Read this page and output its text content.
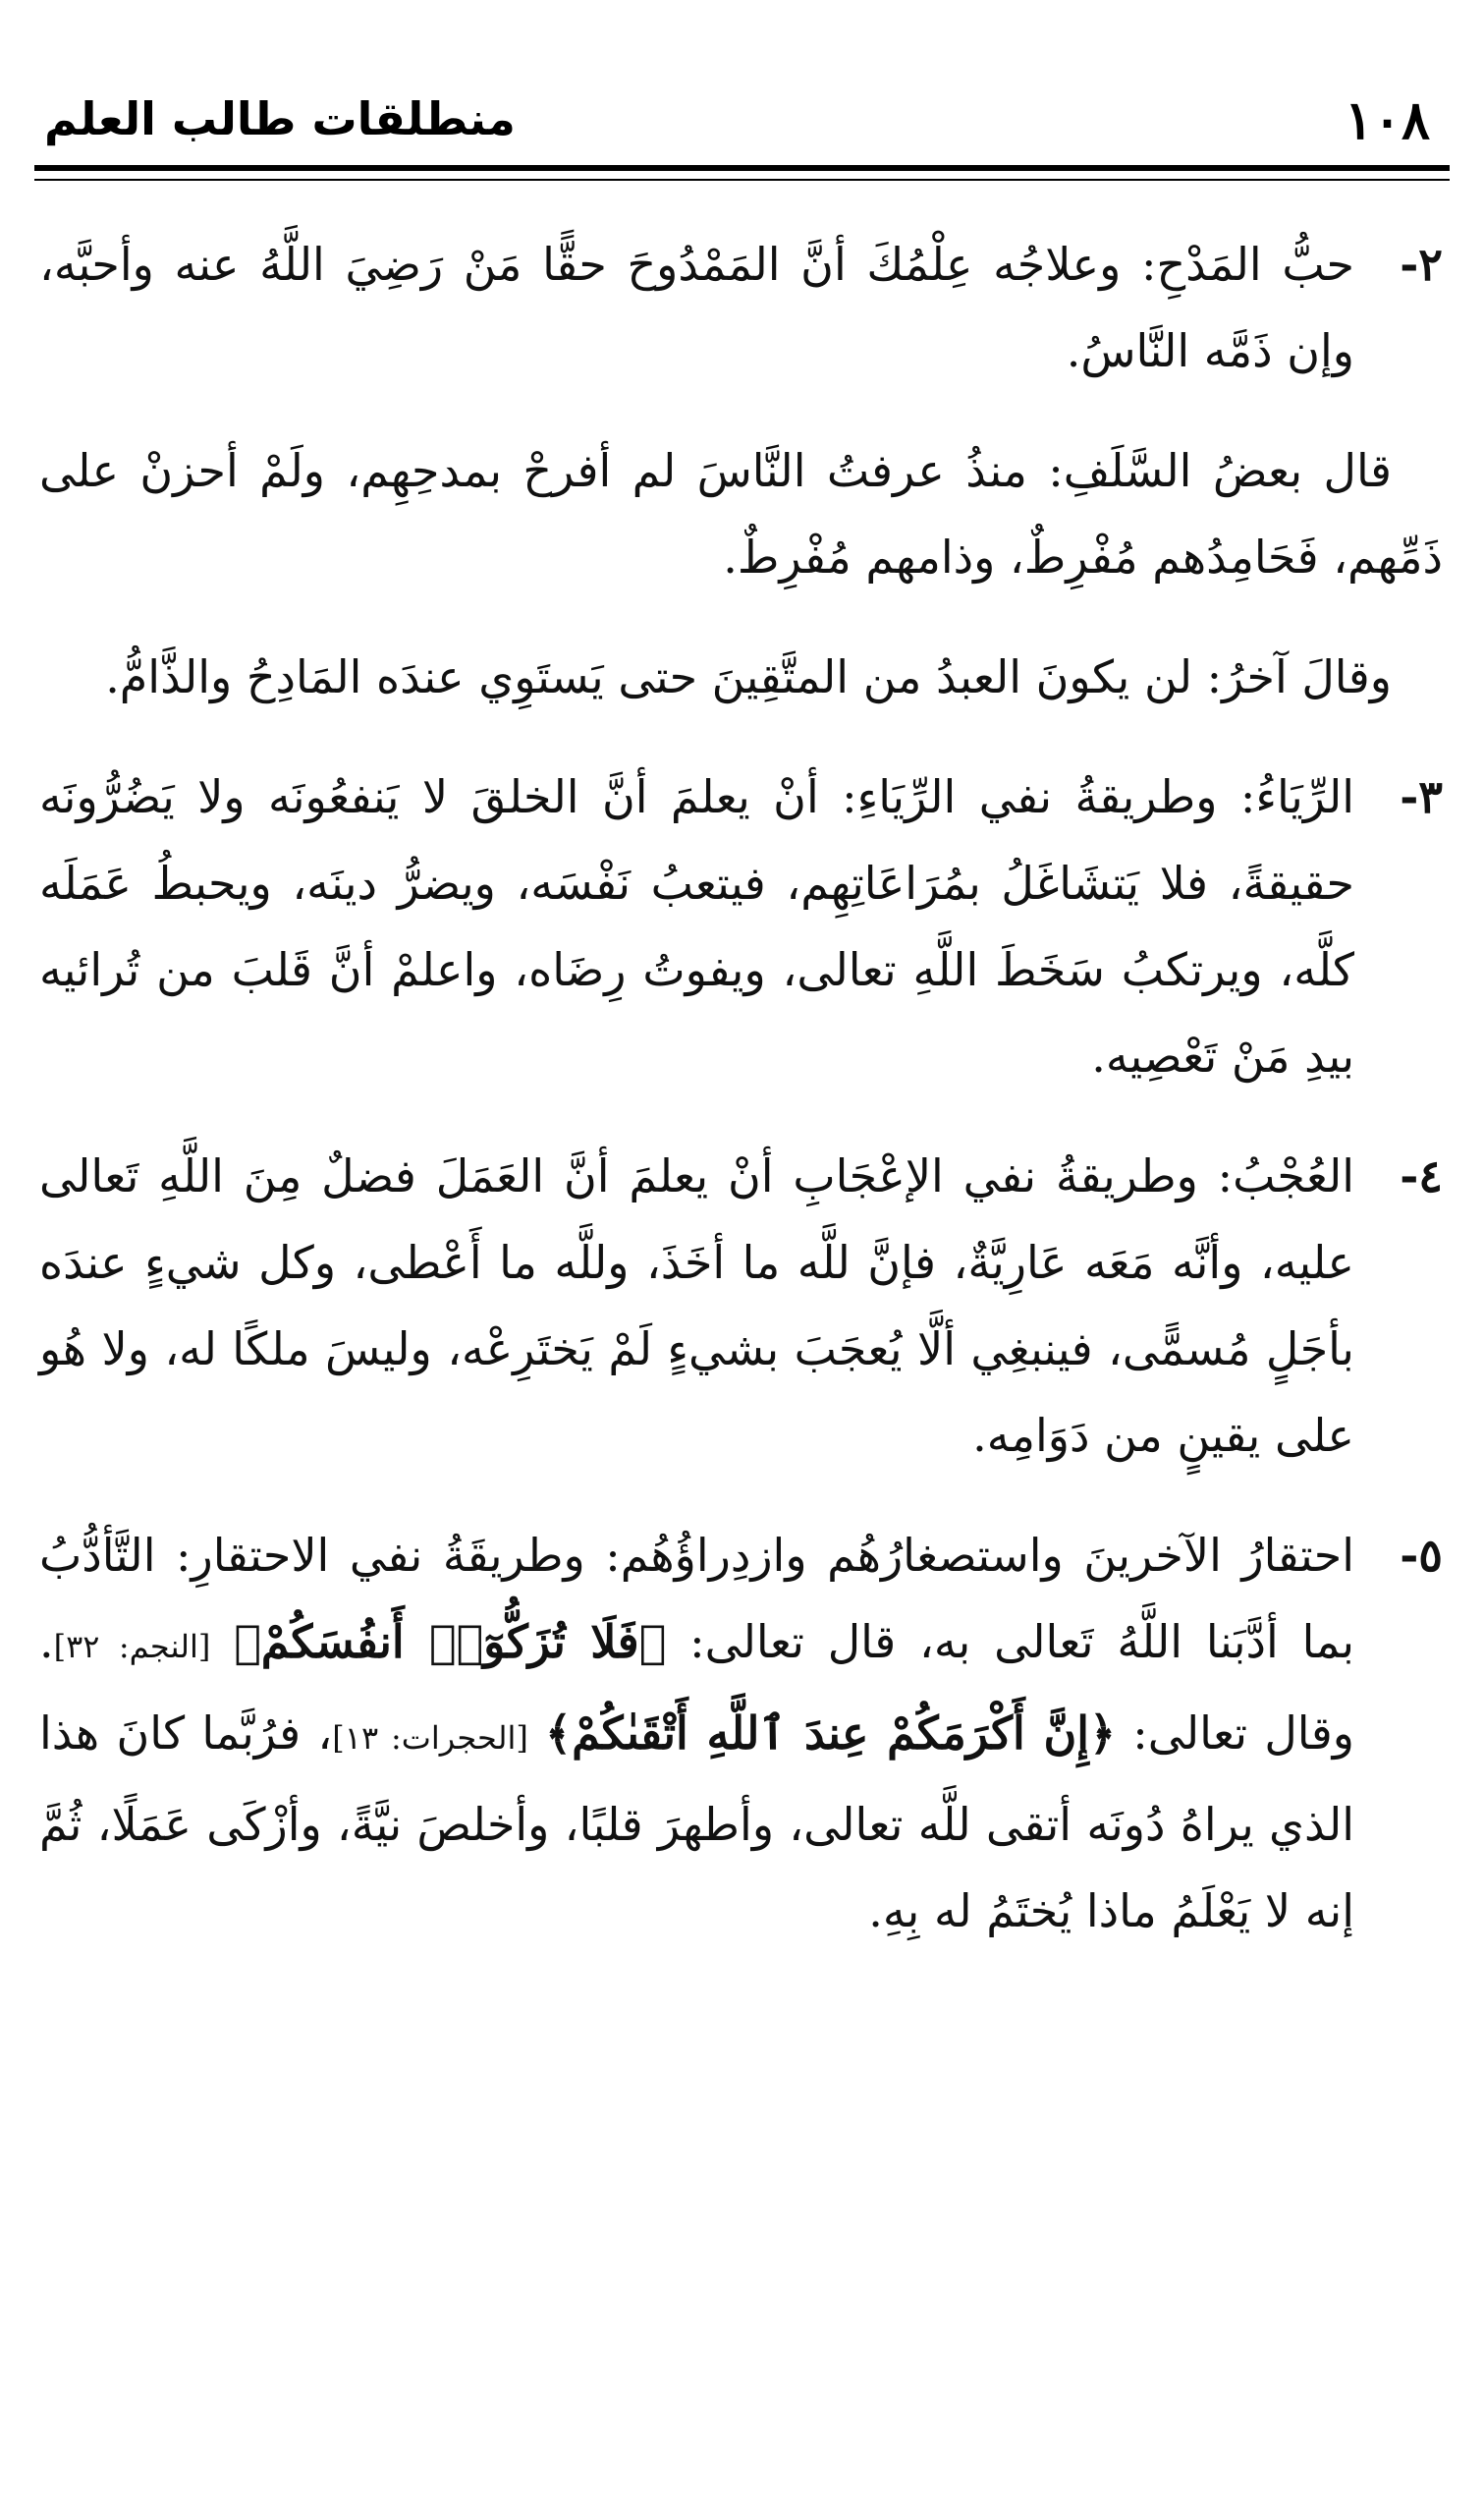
١٠٨
منطلقات طالب العلم
٢-
حبُّ المَدْحِ: وعلاجُه عِلْمُكَ أنَّ المَمْدُوحَ حقًّا مَنْ رَضِيَ اللَّهُ عنه وأحبَّه، وإن ذَمَّه النَّاسُ.
قال بعضُ السَّلَفِ: منذُ عرفتُ النَّاسَ لم أفرحْ بمدحِهِم، ولَمْ أحزنْ على ذَمِّهم، فَحَامِدُهم مُفْرِطٌ، وذامهم مُفْرِطٌ.
وقالَ آخرُ: لن يكونَ العبدُ من المتَّقِينَ حتى يَستَوِي عندَه المَادِحُ والذَّامُّ.
٣-
الرِّيَاءُ: وطريقةُ نفي الرِّيَاءِ: أنْ يعلمَ أنَّ الخلقَ لا يَنفعُونَه ولا يَضُرُّونَه حقيقةً، فلا يَتشَاغَلُ بمُرَاعَاتِهِم، فيتعبُ نَفْسَه، ويضرُّ دينَه، ويحبطُ عَمَلَه كلَّه، ويرتكبُ سَخَطَ اللَّهِ تعالى، ويفوتُ رِضَاه، واعلمْ أنَّ قَلبَ من تُرائيه بيدِ مَنْ تَعْصِيه.
٤-
العُجْبُ: وطريقةُ نفي الإعْجَابِ أنْ يعلمَ أنَّ العَمَلَ فضلٌ مِنَ اللَّهِ تَعالى عليه، وأنَّه مَعَه عَارِيَّةٌ، فإنَّ للَّه ما أخَذَ، وللَّه ما أَعْطى، وكل شيءٍ عندَه بأجَلٍ مُسمًّى، فينبغِي ألَّا يُعجَبَ بشيءٍ لَمْ يَختَرِعْه، وليسَ ملكًا له، ولا هُو على يقينٍ من دَوَامِه.
٥-
احتقارُ الآخرينَ واستصغارُهُم وازدِراؤُهُم: وطريقَةُ نفي الاحتقارِ: التَّأدُّبُ بما أدَّبَنا اللَّهُ تَعالى به، قال تعالى: ﴿فَلَا تُزَكُّوٓا۟ أَنفُسَكُمْ﴾ [النجم: ٣٢]. وقال تعالى: ﴿إِنَّ أَكْرَمَكُمْ عِندَ ٱللَّهِ أَتْقَىٰكُمْ﴾ [الحجرات: ١٣]، فرُبَّما كانَ هذا الذي يراهُ دُونَه أتقى للَّه تعالى، وأطهرَ قلبًا، وأخلصَ نيَّةً، وأزْكَى عَمَلًا، ثُمَّ إنه لا يَعْلَمُ ماذا يُختَمُ له بِهِ.
